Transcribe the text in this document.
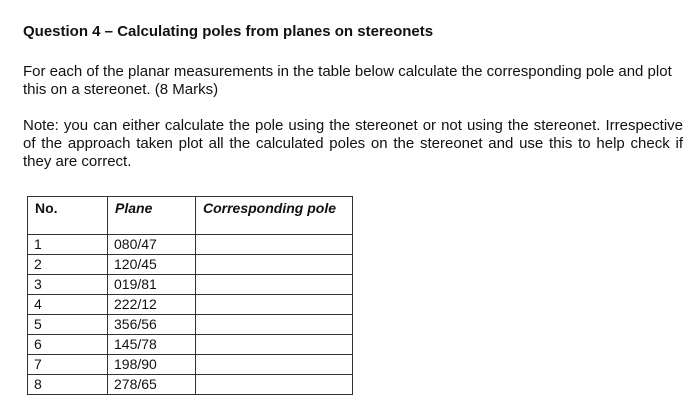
Question 4 – Calculating poles from planes on stereonets

For each of the planar measurements in the table below calculate the corresponding pole and plot this on a stereonet. (8 Marks)

Note: you can either calculate the pole using the stereonet or not using the stereonet. Irrespective of the approach taken plot all the calculated poles on the stereonet and use this to help check if they are correct.

No.	Plane	Corresponding pole
1	080/47	
2	120/45	
3	019/81	
4	222/12	
5	356/56	
6	145/78	
7	198/90	
8	278/65	
